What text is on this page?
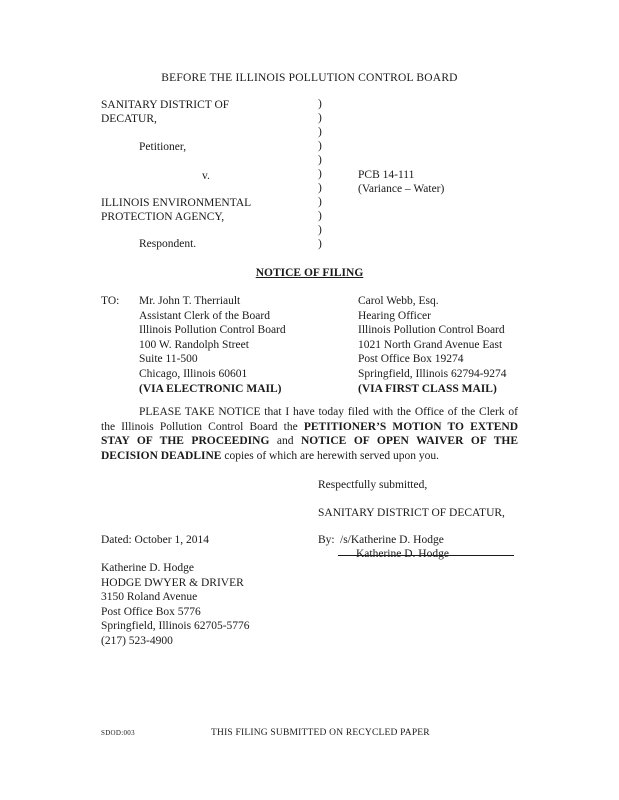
BEFORE THE ILLINOIS POLLUTION CONTROL BOARD
SANITARY DISTRICT OF
DECATUR,
Petitioner,
v.
ILLINOIS ENVIRONMENTAL
PROTECTION AGENCY,
Respondent.
)
)
)
)
)
)
)
)
)
)
)
PCB 14-111
(Variance – Water)
NOTICE OF FILING
TO: Mr. John T. Therriault
Assistant Clerk of the Board
Illinois Pollution Control Board
100 W. Randolph Street
Suite 11-500
Chicago, Illinois 60601
(VIA ELECTRONIC MAIL)
Carol Webb, Esq.
Hearing Officer
Illinois Pollution Control Board
1021 North Grand Avenue East
Post Office Box 19274
Springfield, Illinois 62794-9274
(VIA FIRST CLASS MAIL)
PLEASE TAKE NOTICE that I have today filed with the Office of the Clerk of the Illinois Pollution Control Board the PETITIONER’S MOTION TO EXTEND STAY OF THE PROCEEDING and NOTICE OF OPEN WAIVER OF THE DECISION DEADLINE copies of which are herewith served upon you.
Respectfully submitted,
SANITARY DISTRICT OF DECATUR,
Dated: October 1, 2014	By: /s/Katherine D. Hodge
Katherine D. Hodge
Katherine D. Hodge
HODGE DWYER & DRIVER
3150 Roland Avenue
Post Office Box 5776
Springfield, Illinois 62705-5776
(217) 523-4900
SDOD:003	THIS FILING SUBMITTED ON RECYCLED PAPER
